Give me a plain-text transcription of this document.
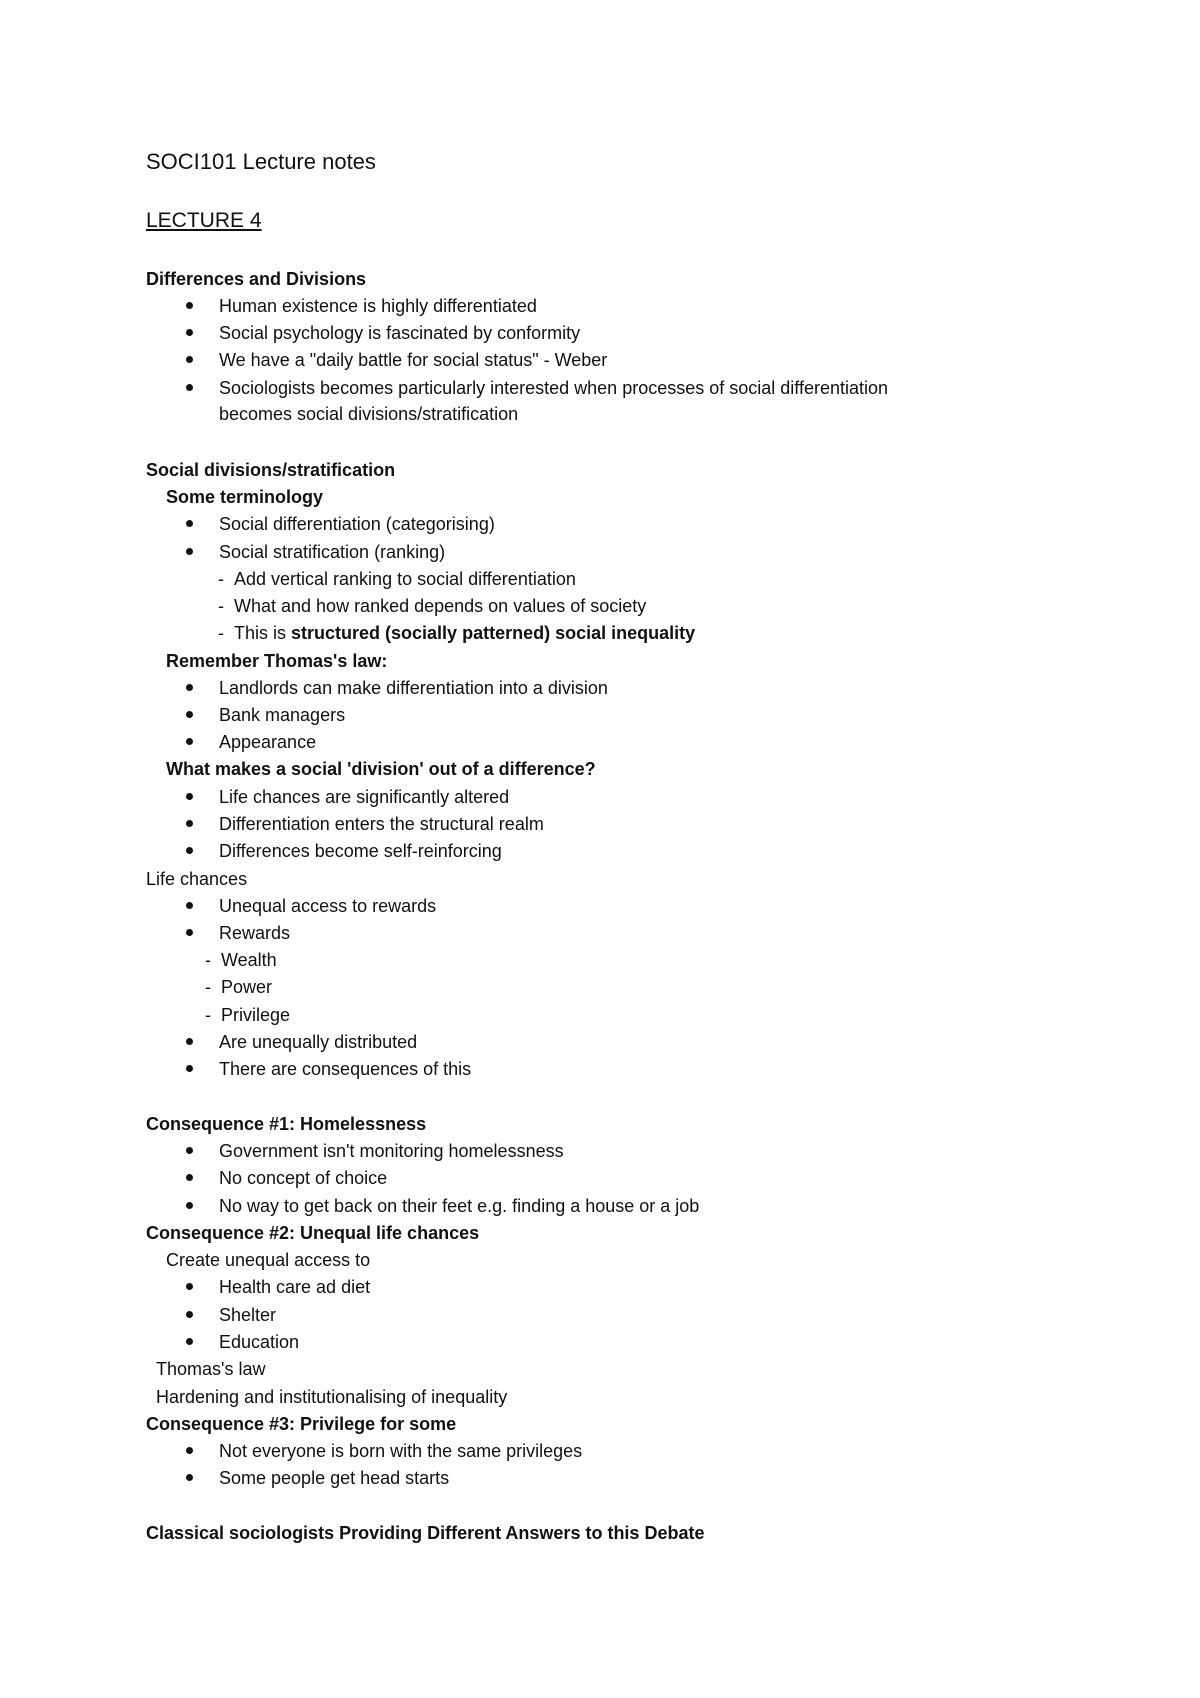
SOCI101 Lecture notes
LECTURE 4
Differences and Divisions
Human existence is highly differentiated
Social psychology is fascinated by conformity
We have a "daily battle for social status" - Weber
Sociologists becomes particularly interested when processes of social differentiation
becomes social divisions/stratification
Social divisions/stratification
Some terminology
Social differentiation (categorising)
Social stratification (ranking)
-  Add vertical ranking to social differentiation
-  What and how ranked depends on values of society
-  This is structured (socially patterned) social inequality
Remember Thomas's law:
Landlords can make differentiation into a division
Bank managers
Appearance
What makes a social 'division' out of a difference?
Life chances are significantly altered
Differentiation enters the structural realm
Differences become self-reinforcing
Life chances
Unequal access to rewards
Rewards
-  Wealth
-  Power
-  Privilege
Are unequally distributed
There are consequences of this
Consequence #1: Homelessness
Government isn't monitoring homelessness
No concept of choice
No way to get back on their feet e.g. finding a house or a job
Consequence #2: Unequal life chances
Create unequal access to
Health care ad diet
Shelter
Education
Thomas's law
Hardening and institutionalising of inequality
Consequence #3: Privilege for some
Not everyone is born with the same privileges
Some people get head starts
Classical sociologists Providing Different Answers to this Debate
